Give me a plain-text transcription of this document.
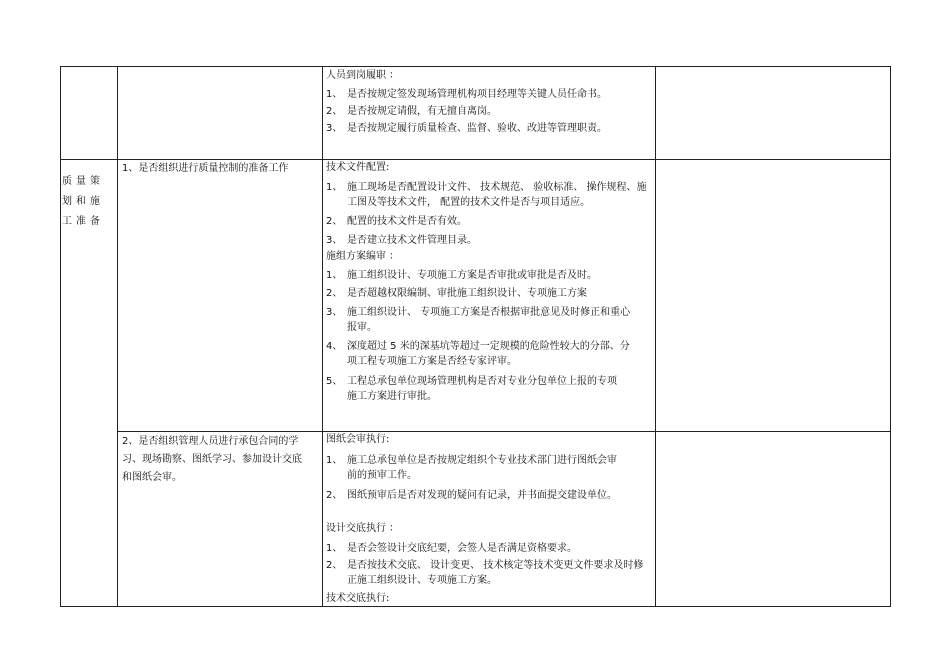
人员到岗履职 ：
1、 是否按规定签发现场管理机构项目经理等关键人员任命书。
2、 是否按规定请假，有无擅自离岗。
3、 是否按规定履行质量检查、监督、验收、改进等管理职责。
质量策划和施工准备
1、是否组织进行质量控制的准备工作	技术文件配置:
1、 施工现场是否配置设计文件、 技术规范、 验收标准、 操作规程、施工图及等技术文件， 配置的技术文件是否与项目适应。
2、 配置的技术文件是否有效。
3、 是否建立技术文件管理目录。
施组方案编审 ：
1、 施工组织设计、专项施工方案是否审批或审批是否及时。
2、 是否超越权限编制、审批施工组织设计、专项施工方案
3、 施工组织设计、 专项施工方案是否根据审批意见及时修正和重心报审。
4、 深度超过 5 米的深基坑等超过一定规模的危险性较大的分部、分项工程专项施工方案是否经专家评审。
5、 工程总承包单位现场管理机构是否对专业分包单位上报的专项施工方案进行审批。
2、是否组织管理人员进行承包合同的学习、现场勘察、图纸学习、参加设计交底和图纸会审。
图纸会审执行:
1、 施工总承包单位是否按规定组织个专业技术部门进行图纸会审前的预审工作。
2、 图纸预审后是否对发现的疑问有记录，并书面提交建设单位。
设计交底执行 ：
1、 是否会签设计交底纪要，会签人是否满足资格要求。
2、 是否按技术交底、 设计变更、 技术核定等技术变更文件要求及时修正施工组织设计、专项施工方案。
技术交底执行:
